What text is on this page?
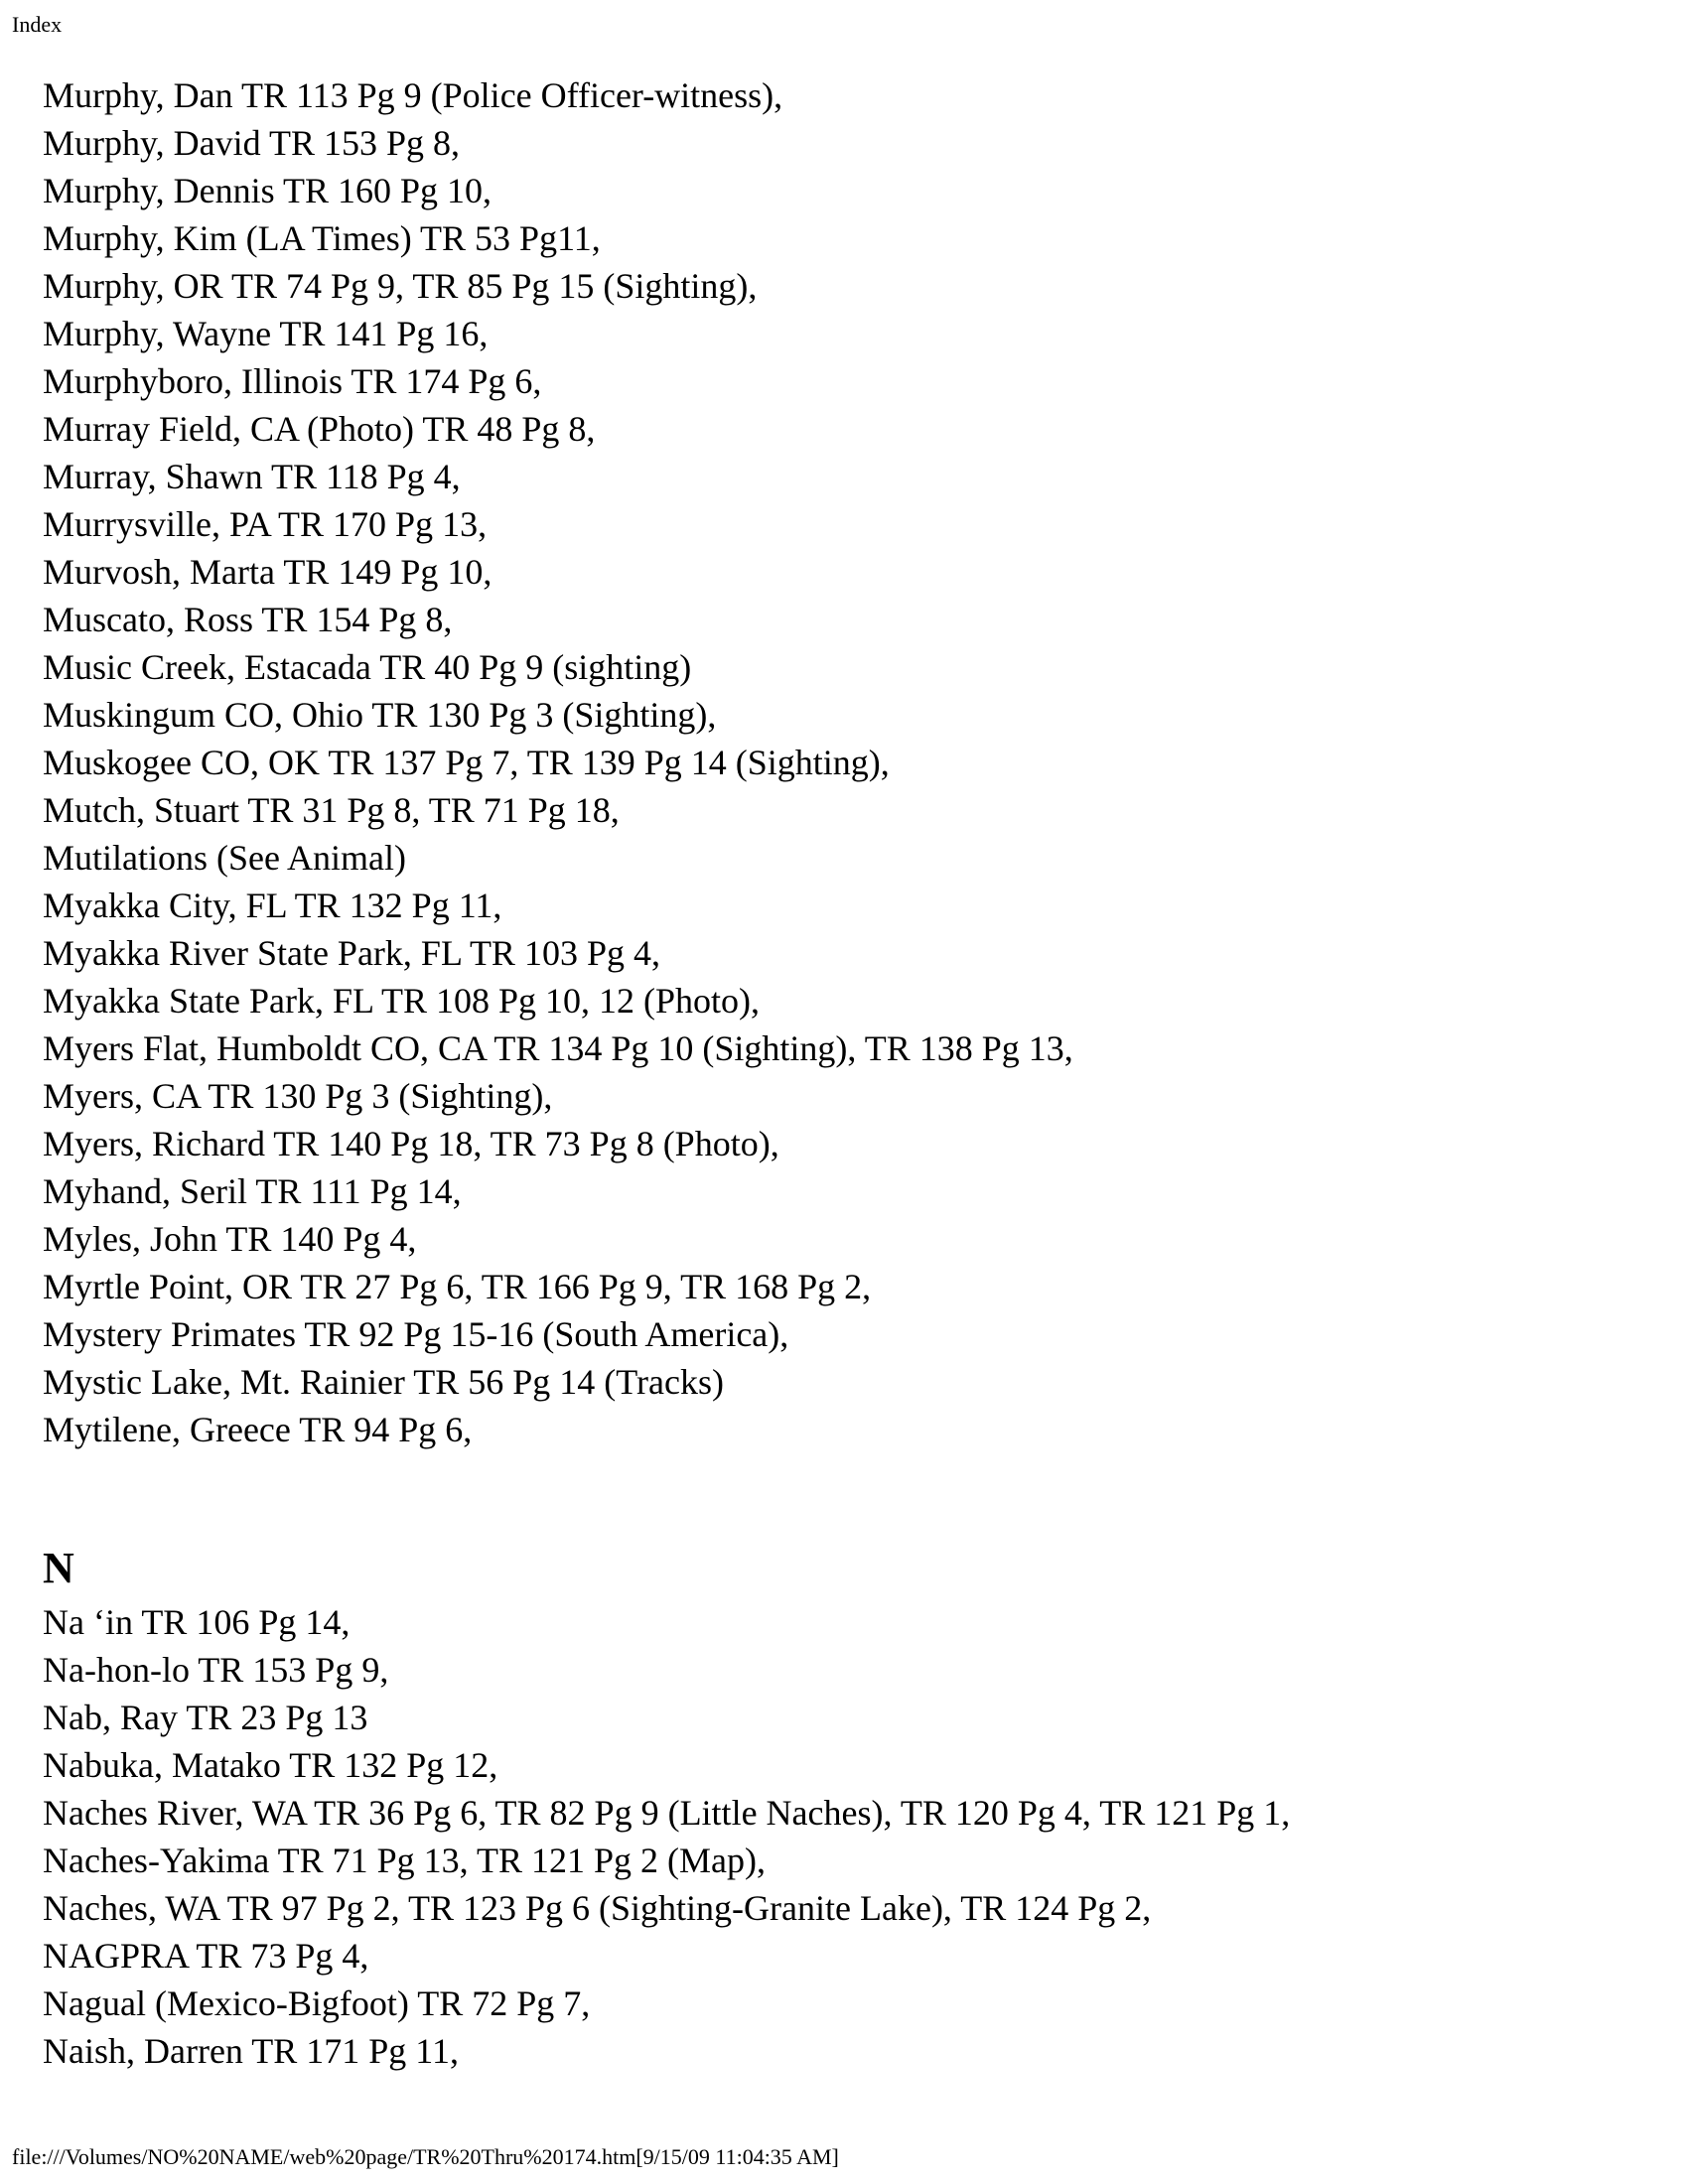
Index
Murphy, Dan TR 113 Pg 9 (Police Officer-witness),
Murphy, David TR 153 Pg 8,
Murphy, Dennis TR 160 Pg 10,
Murphy, Kim (LA Times) TR 53 Pg11,
Murphy, OR TR 74 Pg 9, TR 85 Pg 15 (Sighting),
Murphy, Wayne TR 141 Pg 16,
Murphyboro, Illinois TR 174 Pg 6,
Murray Field, CA (Photo) TR 48 Pg 8,
Murray, Shawn TR 118 Pg 4,
Murrysville, PA TR 170 Pg 13,
Murvosh, Marta TR 149 Pg 10,
Muscato, Ross TR 154 Pg 8,
Music Creek, Estacada TR 40 Pg 9 (sighting)
Muskingum CO, Ohio TR 130 Pg 3 (Sighting),
Muskogee CO, OK TR 137 Pg 7, TR 139 Pg 14 (Sighting),
Mutch, Stuart TR 31 Pg 8, TR 71 Pg 18,
Mutilations (See Animal)
Myakka City, FL TR 132 Pg 11,
Myakka River State Park, FL TR 103 Pg 4,
Myakka State Park, FL TR 108 Pg 10, 12 (Photo),
Myers Flat, Humboldt CO, CA TR 134 Pg 10 (Sighting), TR 138 Pg 13,
Myers, CA TR 130 Pg 3 (Sighting),
Myers, Richard TR 140 Pg 18, TR 73 Pg 8 (Photo),
Myhand, Seril TR 111 Pg 14,
Myles, John TR 140 Pg 4,
Myrtle Point, OR TR 27 Pg 6, TR 166 Pg 9, TR 168 Pg 2,
Mystery Primates TR 92 Pg 15-16 (South America),
Mystic Lake, Mt. Rainier TR 56 Pg 14 (Tracks)
Mytilene, Greece TR 94 Pg 6,
N
Na ‘in TR 106 Pg 14,
Na-hon-lo TR 153 Pg 9,
Nab, Ray TR 23 Pg 13
Nabuka, Matako TR 132 Pg 12,
Naches River, WA TR 36 Pg 6, TR 82 Pg 9 (Little Naches), TR 120 Pg 4, TR 121 Pg 1,
Naches-Yakima TR 71 Pg 13, TR 121 Pg 2 (Map),
Naches, WA TR 97 Pg 2, TR 123 Pg 6 (Sighting-Granite Lake), TR 124 Pg 2,
NAGPRA TR 73 Pg 4,
Nagual (Mexico-Bigfoot) TR 72 Pg 7,
Naish, Darren TR 171 Pg 11,
file:///Volumes/NO%20NAME/web%20page/TR%20Thru%20174.htm[9/15/09 11:04:35 AM]
